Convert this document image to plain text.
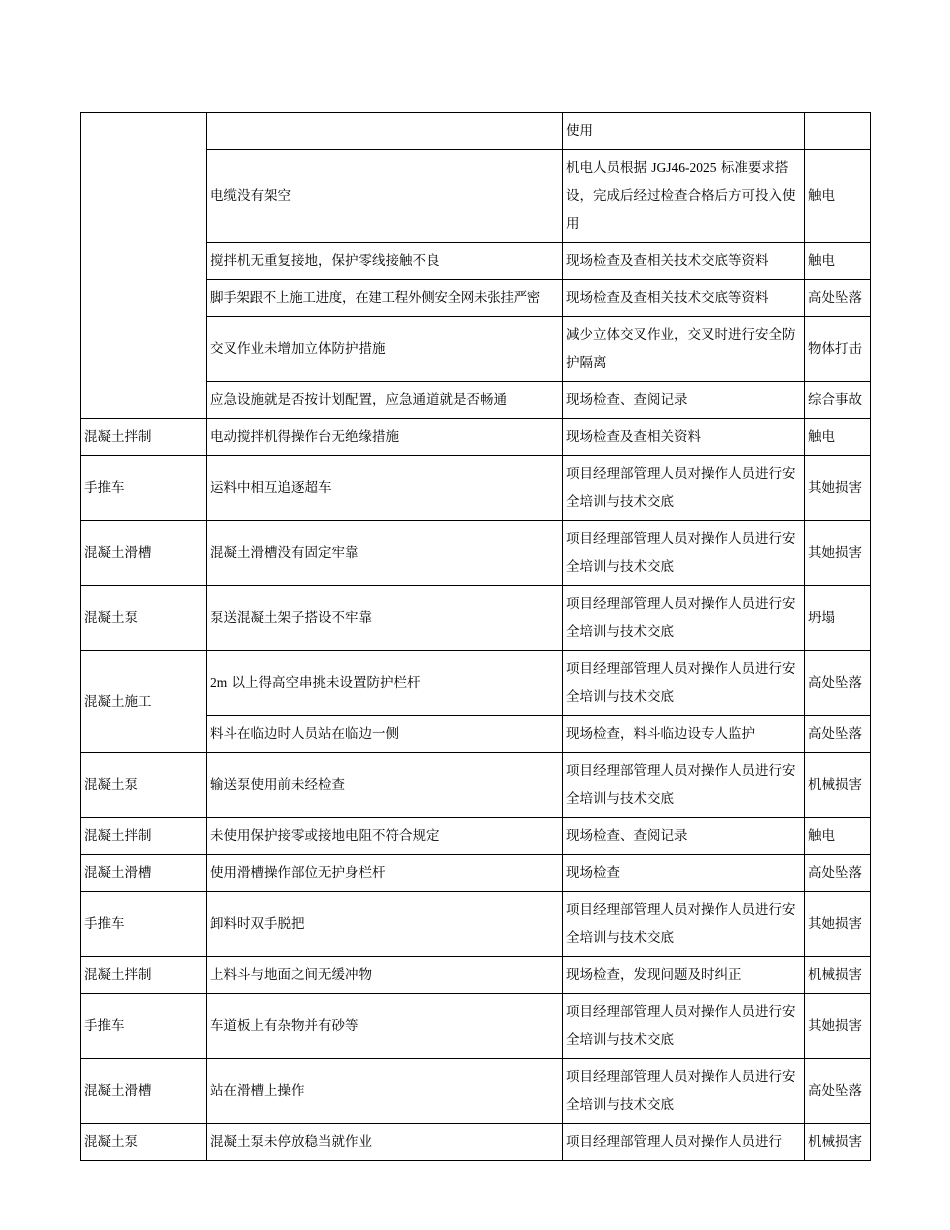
		使用	
	电缆没有架空	机电人员根据 JGJ46-2025 标准要求搭设，完成后经过检查合格后方可投入使用	触电
	搅拌机无重复接地，保护零线接触不良	现场检查及查相关技术交底等资料	触电
	脚手架跟不上施工进度，在建工程外侧安全网未张挂严密	现场检查及查相关技术交底等资料	高处坠落
	交叉作业未增加立体防护措施	减少立体交叉作业，交叉时进行安全防护隔离	物体打击
	应急设施就是否按计划配置，应急通道就是否畅通	现场检查、查阅记录	综合事故
混凝土拌制	电动搅拌机得操作台无绝缘措施	现场检查及查相关资料	触电
手推车	运料中相互追逐超车	项目经理部管理人员对操作人员进行安全培训与技术交底	其她损害
混凝土滑槽	混凝土滑槽没有固定牢靠	项目经理部管理人员对操作人员进行安全培训与技术交底	其她损害
混凝土泵	泵送混凝土架子搭设不牢靠	项目经理部管理人员对操作人员进行安全培训与技术交底	坍塌
混凝土施工	2m 以上得高空串挑未设置防护栏杆	项目经理部管理人员对操作人员进行安全培训与技术交底	高处坠落
	料斗在临边时人员站在临边一侧	现场检查，料斗临边设专人监护	高处坠落
混凝土泵	输送泵使用前未经检查	项目经理部管理人员对操作人员进行安全培训与技术交底	机械损害
混凝土拌制	未使用保护接零或接地电阻不符合规定	现场检查、查阅记录	触电
混凝土滑槽	使用滑槽操作部位无护身栏杆	现场检查	高处坠落
手推车	卸料时双手脱把	项目经理部管理人员对操作人员进行安全培训与技术交底	其她损害
混凝土拌制	上料斗与地面之间无缓冲物	现场检查，发现问题及时纠正	机械损害
手推车	车道板上有杂物并有砂等	项目经理部管理人员对操作人员进行安全培训与技术交底	其她损害
混凝土滑槽	站在滑槽上操作	项目经理部管理人员对操作人员进行安全培训与技术交底	高处坠落
混凝土泵	混凝土泵未停放稳当就作业	项目经理部管理人员对操作人员进行	机械损害
